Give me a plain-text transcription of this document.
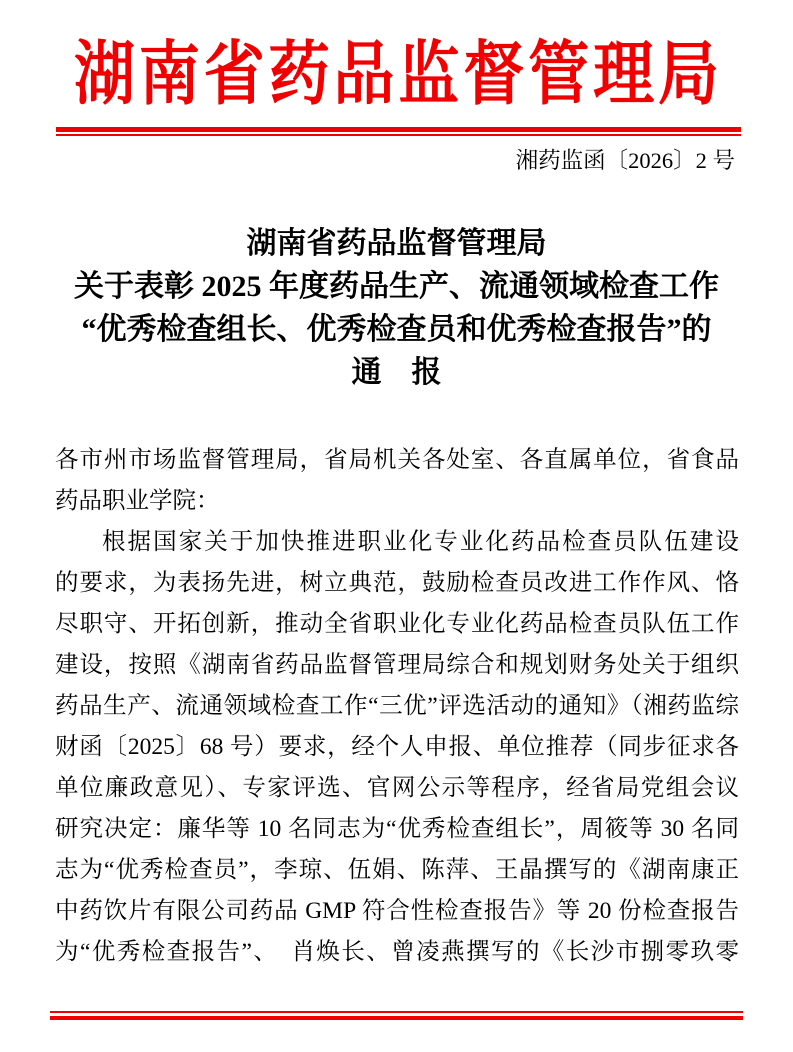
湖南省药品监督管理局
湘药监函〔2026〕2 号
湖南省药品监督管理局
关于表彰 2025 年度药品生产、流通领域检查工作
“优秀检查组长、优秀检查员和优秀检查报告”的
通　报
各市州市场监督管理局，省局机关各处室、各直属单位，省食品
药品职业学院：
根据国家关于加快推进职业化专业化药品检查员队伍建设
的要求，为表扬先进，树立典范，鼓励检查员改进工作作风、恪
尽职守、开拓创新，推动全省职业化专业化药品检查员队伍工作
建设，按照《湖南省药品监督管理局综合和规划财务处关于组织
药品生产、流通领域检查工作“三优”评选活动的通知》（湘药监综
财函〔2025〕68 号）要求，经个人申报、单位推荐（同步征求各
单位廉政意见）、专家评选、官网公示等程序，经省局党组会议
研究决定：廉华等 10 名同志为“优秀检查组长”，周筱等 30 名同
志为“优秀检查员”，李琼、伍娟、陈萍、王晶撰写的《湖南康正
中药饮片有限公司药品 GMP 符合性检查报告》等 20 份检查报告
为“优秀检查报告”、　肖焕长、曾凌燕撰写的《长沙市捌零玖零
